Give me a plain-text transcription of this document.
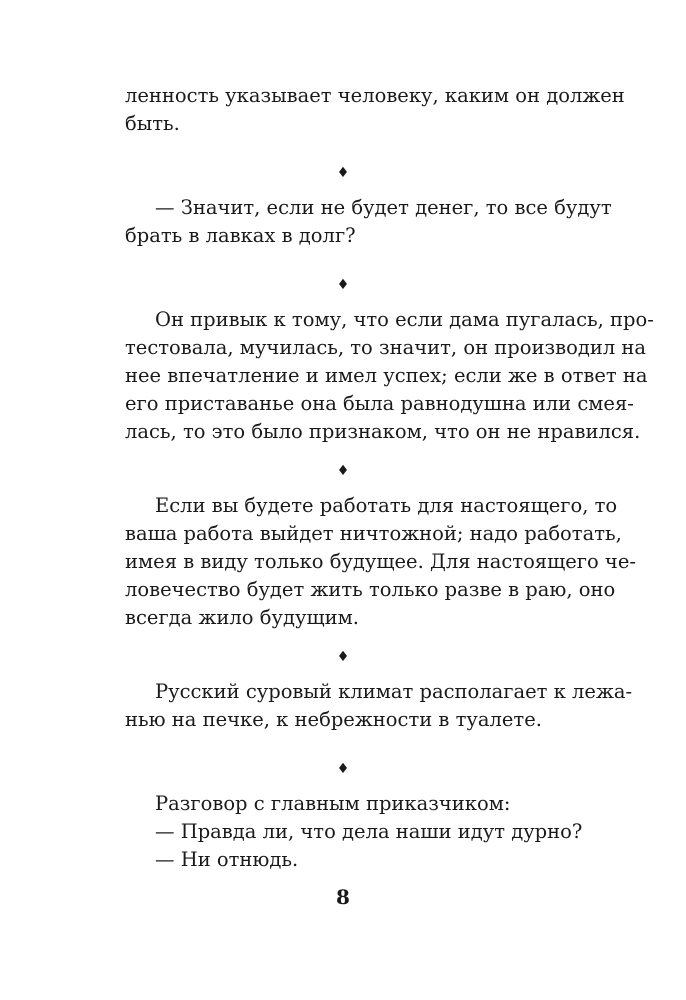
ленность указывает человеку, каким он должен
быть.
♦
— Значит, если не будет денег, то все будут
брать в лавках в долг?
♦
Он привык к тому, что если дама пугалась, про-
тестовала, мучилась, то значит, он производил на
нее впечатление и имел успех; если же в ответ на
его приставанье она была равнодушна или смея-
лась, то это было признаком, что он не нравился.
♦
Если вы будете работать для настоящего, то
ваша работа выйдет ничтожной; надо работать,
имея в виду только будущее. Для настоящего че-
ловечество будет жить только разве в раю, оно
всегда жило будущим.
♦
Русский суровый климат располагает к лежа-
нью на печке, к небрежности в туалете.
♦
Разговор с главным приказчиком:
— Правда ли, что дела наши идут дурно?
— Ни отнюдь.
8
